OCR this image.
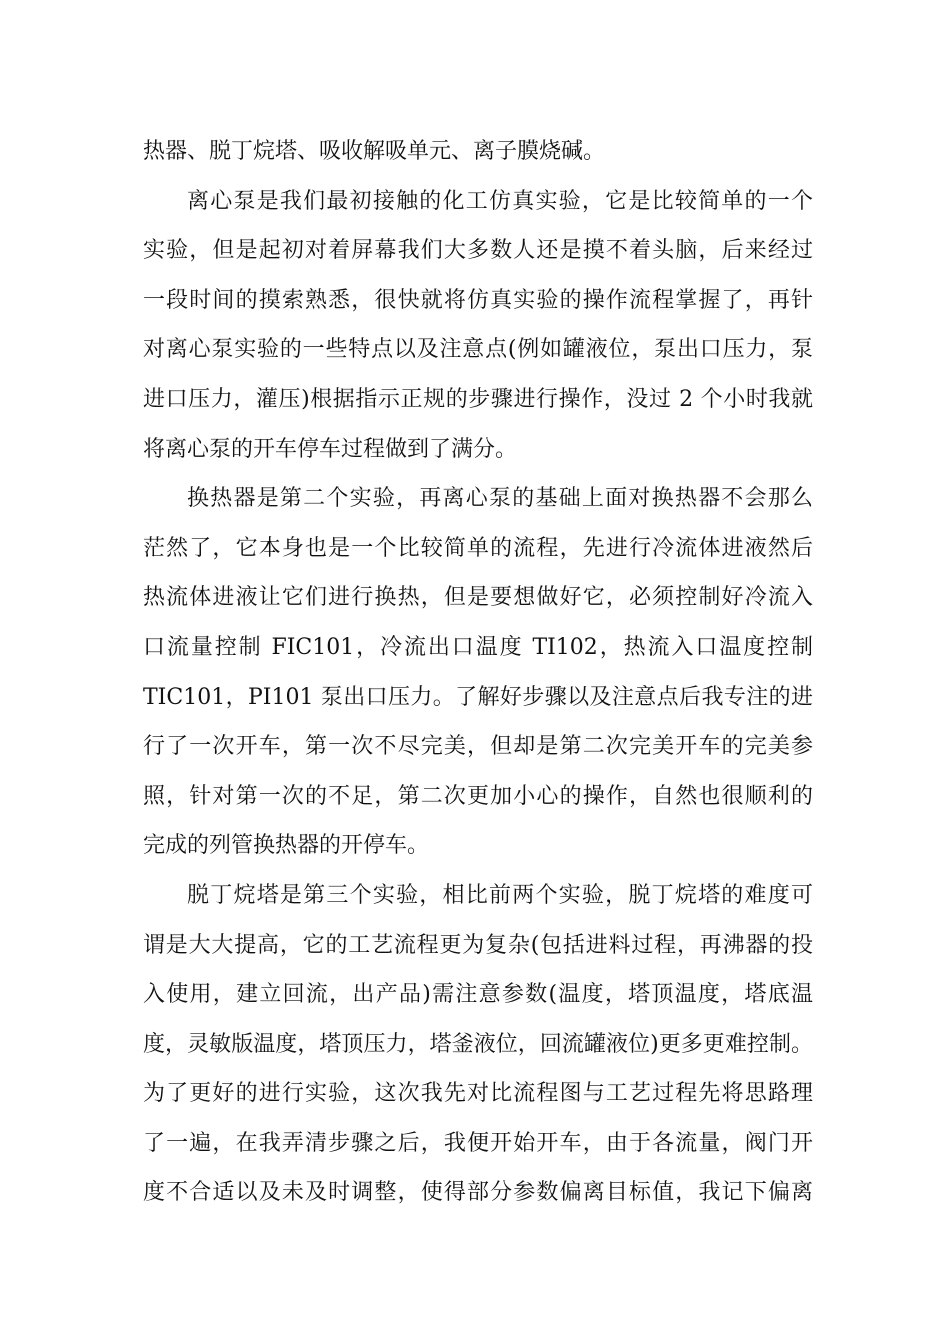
热器、脱丁烷塔、吸收解吸单元、离子膜烧碱。
离心泵是我们最初接触的化工仿真实验，它是比较简单的一个
实验，但是起初对着屏幕我们大多数人还是摸不着头脑，后来经过
一段时间的摸索熟悉，很快就将仿真实验的操作流程掌握了，再针
对离心泵实验的一些特点以及注意点(例如罐液位，泵出口压力，泵
进口压力，灌压)根据指示正规的步骤进行操作，没过 2 个小时我就
将离心泵的开车停车过程做到了满分。
换热器是第二个实验，再离心泵的基础上面对换热器不会那么
茫然了，它本身也是一个比较简单的流程，先进行冷流体进液然后
热流体进液让它们进行换热，但是要想做好它，必须控制好冷流入
口流量控制 FIC101，冷流出口温度 TI102，热流入口温度控制
TIC101，PI101 泵出口压力。了解好步骤以及注意点后我专注的进
行了一次开车，第一次不尽完美，但却是第二次完美开车的完美参
照，针对第一次的不足，第二次更加小心的操作，自然也很顺利的
完成的列管换热器的开停车。
脱丁烷塔是第三个实验，相比前两个实验，脱丁烷塔的难度可
谓是大大提高，它的工艺流程更为复杂(包括进料过程，再沸器的投
入使用，建立回流，出产品)需注意参数(温度，塔顶温度，塔底温
度，灵敏版温度，塔顶压力，塔釜液位，回流罐液位)更多更难控制。
为了更好的进行实验，这次我先对比流程图与工艺过程先将思路理
了一遍，在我弄清步骤之后，我便开始开车，由于各流量，阀门开
度不合适以及未及时调整，使得部分参数偏离目标值，我记下偏离
